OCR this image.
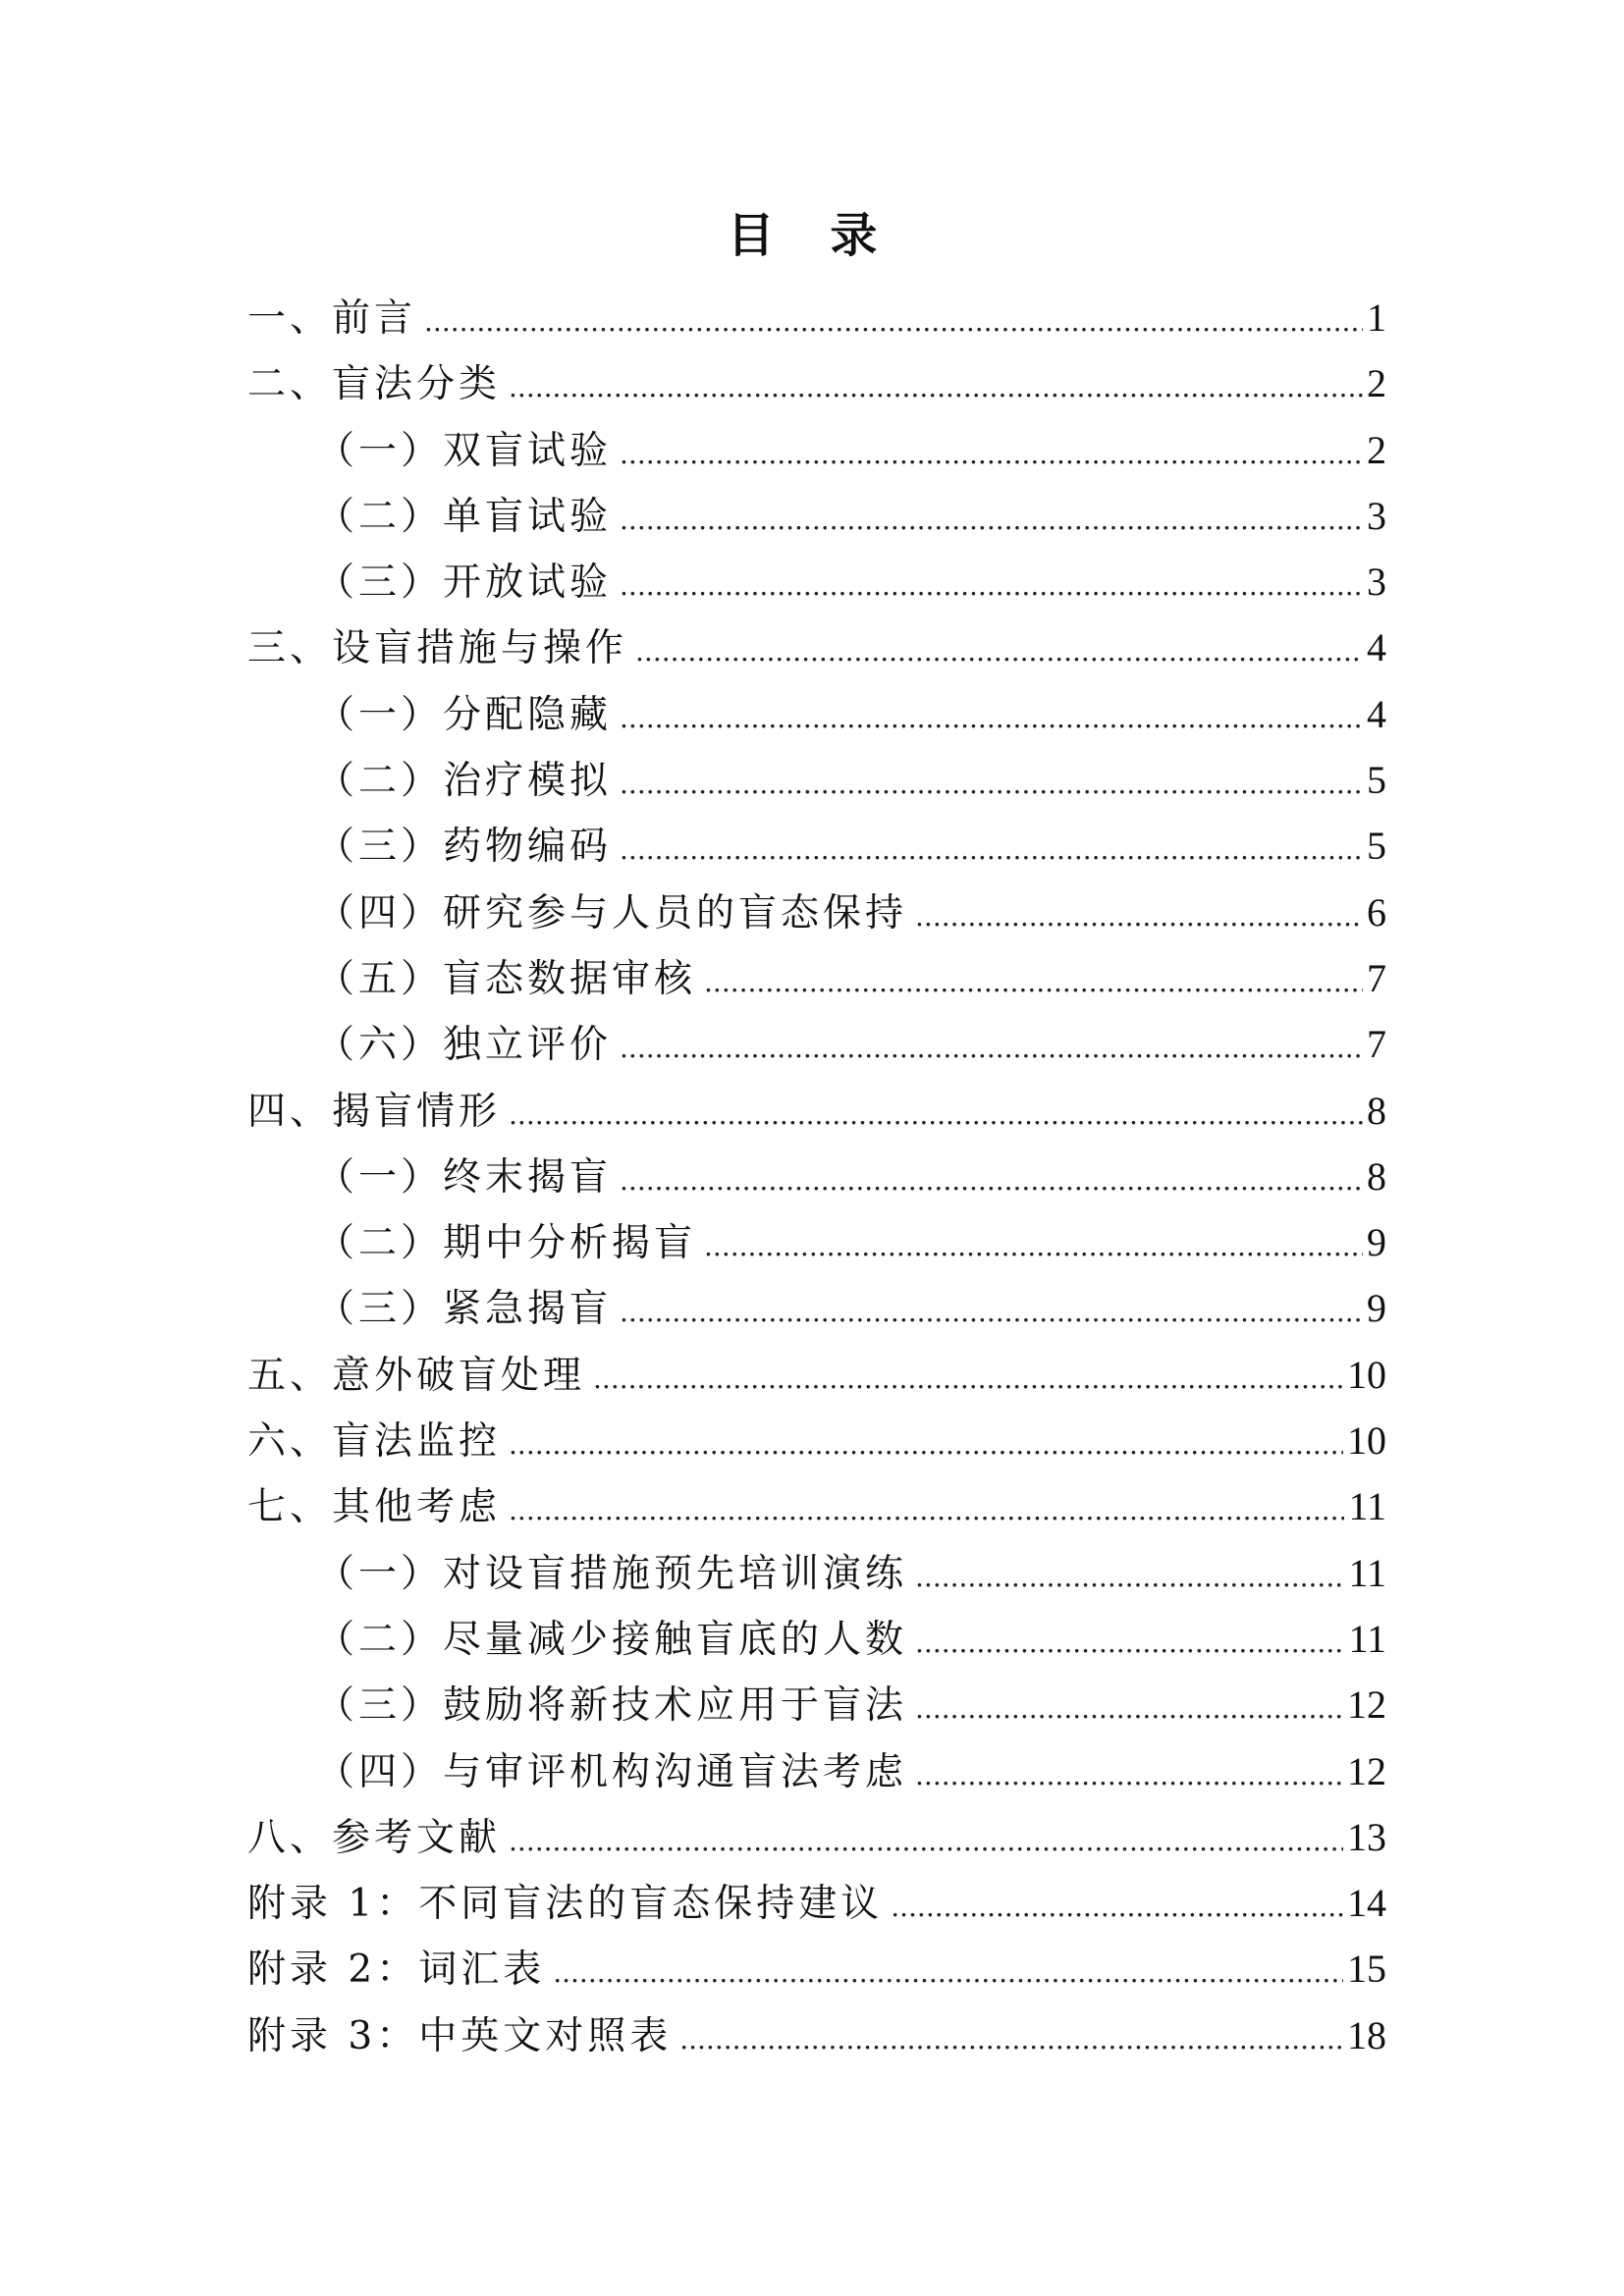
目 录
一、前言 .....	1
二、盲法分类 .....	2
（一）双盲试验 .....	2
（二）单盲试验 .....	3
（三）开放试验 .....	3
三、设盲措施与操作 .....	4
（一）分配隐藏 .....	4
（二）治疗模拟 .....	5
（三）药物编码 .....	5
（四）研究参与人员的盲态保持 .....	6
（五）盲态数据审核 .....	7
（六）独立评价 .....	7
四、揭盲情形 .....	8
（一）终末揭盲 .....	8
（二）期中分析揭盲 .....	9
（三）紧急揭盲 .....	9
五、意外破盲处理 .....	10
六、盲法监控 .....	10
七、其他考虑 .....	11
（一）对设盲措施预先培训演练 .....	11
（二）尽量减少接触盲底的人数 .....	11
（三）鼓励将新技术应用于盲法 .....	12
（四）与审评机构沟通盲法考虑 .....	12
八、参考文献 .....	13
附录 1：不同盲法的盲态保持建议 .....	14
附录 2：词汇表 .....	15
附录 3：中英文对照表 .....	18
